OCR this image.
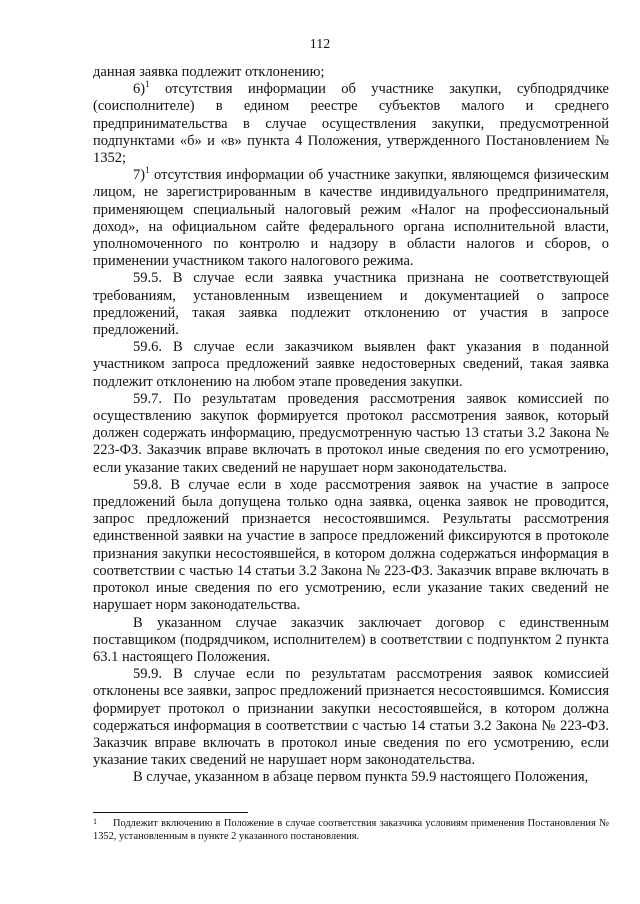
112

данная заявка подлежит отклонению;

6)$^1$ отсутствия информации об участнике закупки, субподрядчике (соисполнителе) в едином реестре субъектов малого и среднего предпринимательства в случае осуществления закупки, предусмотренной подпунктами «б» и «в» пункта 4 Положения, утвержденного Постановлением № 1352;

7)$^1$ отсутствия информации об участнике закупки, являющемся физическим лицом, не зарегистрированным в качестве индивидуального предпринимателя, применяющем специальный налоговый режим «Налог на профессиональный доход», на официальном сайте федерального органа исполнительной власти, уполномоченного по контролю и надзору в области налогов и сборов, о применении участником такого налогового режима.

59.5. В случае если заявка участника признана не соответствующей требованиям, установленным извещением и документацией о запросе предложений, такая заявка подлежит отклонению от участия в запросе предложений.

59.6. В случае если заказчиком выявлен факт указания в поданной участником запроса предложений заявке недостоверных сведений, такая заявка подлежит отклонению на любом этапе проведения закупки.

59.7. По результатам проведения рассмотрения заявок комиссией по осуществлению закупок формируется протокол рассмотрения заявок, который должен содержать информацию, предусмотренную частью 13 статьи 3.2 Закона № 223-ФЗ. Заказчик вправе включать в протокол иные сведения по его усмотрению, если указание таких сведений не нарушает норм законодательства.

59.8. В случае если в ходе рассмотрения заявок на участие в запросе предложений была допущена только одна заявка, оценка заявок не проводится, запрос предложений признается несостоявшимся. Результаты рассмотрения единственной заявки на участие в запросе предложений фиксируются в протоколе признания закупки несостоявшейся, в котором должна содержаться информация в соответствии с частью 14 статьи 3.2 Закона № 223-ФЗ. Заказчик вправе включать в протокол иные сведения по его усмотрению, если указание таких сведений не нарушает норм законодательства.

В указанном случае заказчик заключает договор с единственным поставщиком (подрядчиком, исполнителем) в соответствии с подпунктом 2 пункта 63.1 настоящего Положения.

59.9. В случае если по результатам рассмотрения заявок комиссией отклонены все заявки, запрос предложений признается несостоявшимся. Комиссия формирует протокол о признании закупки несостоявшейся, в котором должна содержаться информация в соответствии с частью 14 статьи 3.2 Закона № 223-ФЗ. Заказчик вправе включать в протокол иные сведения по его усмотрению, если указание таких сведений не нарушает норм законодательства.

В случае, указанном в абзаце первом пункта 59.9 настоящего Положения,

1 Подлежит включению в Положение в случае соответствия заказчика условиям применения Постановления № 1352, установленным в пункте 2 указанного постановления.
